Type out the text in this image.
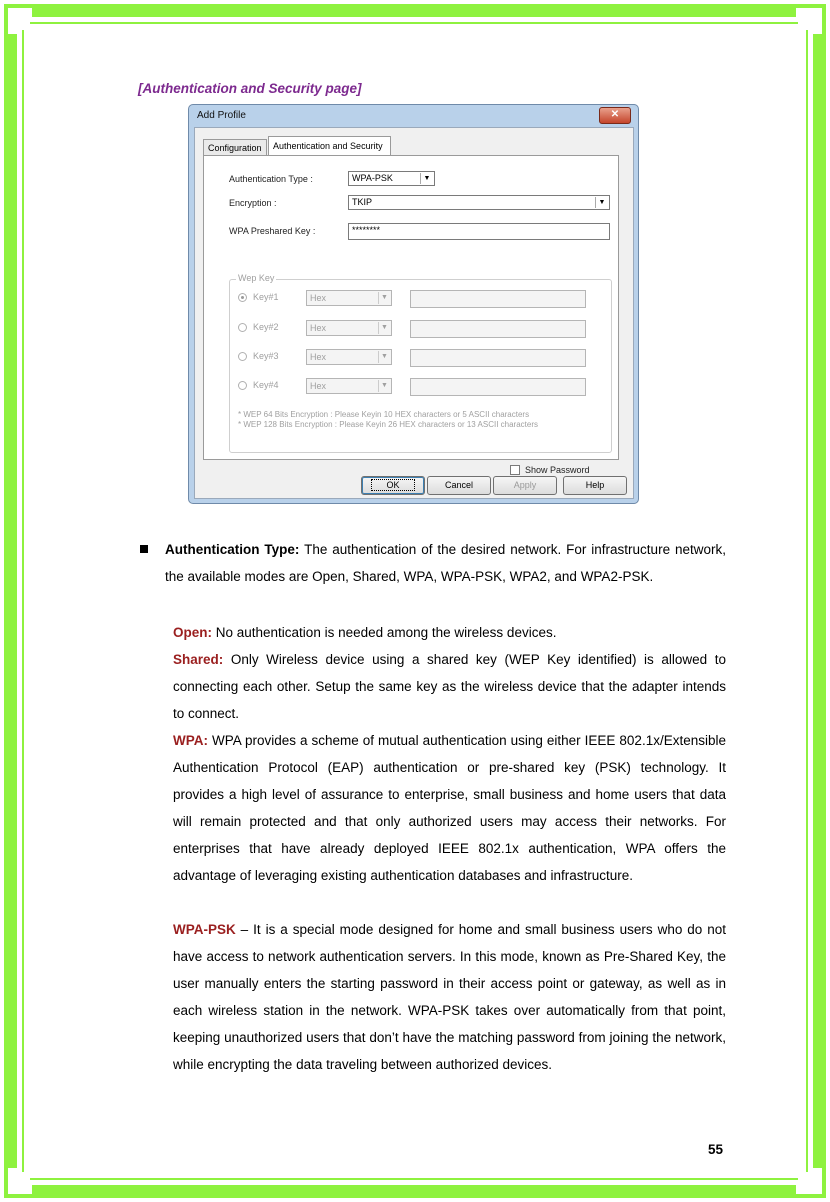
[Authentication and Security page]
Add Profile	✕
Configuration	Authentication and Security
Authentication Type :	WPA-PSK	▼
Encryption :	TKIP	▼
WPA Preshared Key :	********
Wep Key
Key#1	Hex	▼
Key#2	Hex	▼
Key#3	Hex	▼
Key#4	Hex	▼
* WEP 64 Bits Encryption : Please Keyin 10 HEX characters or 5 ASCII characters
* WEP 128 Bits Encryption : Please Keyin 26 HEX characters or 13 ASCII characters
Show Password
OK	Cancel	Apply	Help
Authentication Type: The authentication of the desired network. For infrastructure network, the available modes are Open, Shared, WPA, WPA-PSK, WPA2, and WPA2-PSK.
Open: No authentication is needed among the wireless devices.
Shared: Only Wireless device using a shared key (WEP Key identified) is allowed to connecting each other. Setup the same key as the wireless device that the adapter intends to connect.
WPA: WPA provides a scheme of mutual authentication using either IEEE 802.1x/Extensible Authentication Protocol (EAP) authentication or pre-shared key (PSK) technology. It provides a high level of assurance to enterprise, small business and home users that data will remain protected and that only authorized users may access their networks. For enterprises that have already deployed IEEE 802.1x authentication, WPA offers the advantage of leveraging existing authentication databases and infrastructure.
WPA-PSK – It is a special mode designed for home and small business users who do not have access to network authentication servers. In this mode, known as Pre-Shared Key, the user manually enters the starting password in their access point or gateway, as well as in each wireless station in the network. WPA-PSK takes over automatically from that point, keeping unauthorized users that don’t have the matching password from joining the network, while encrypting the data traveling between authorized devices.
55
